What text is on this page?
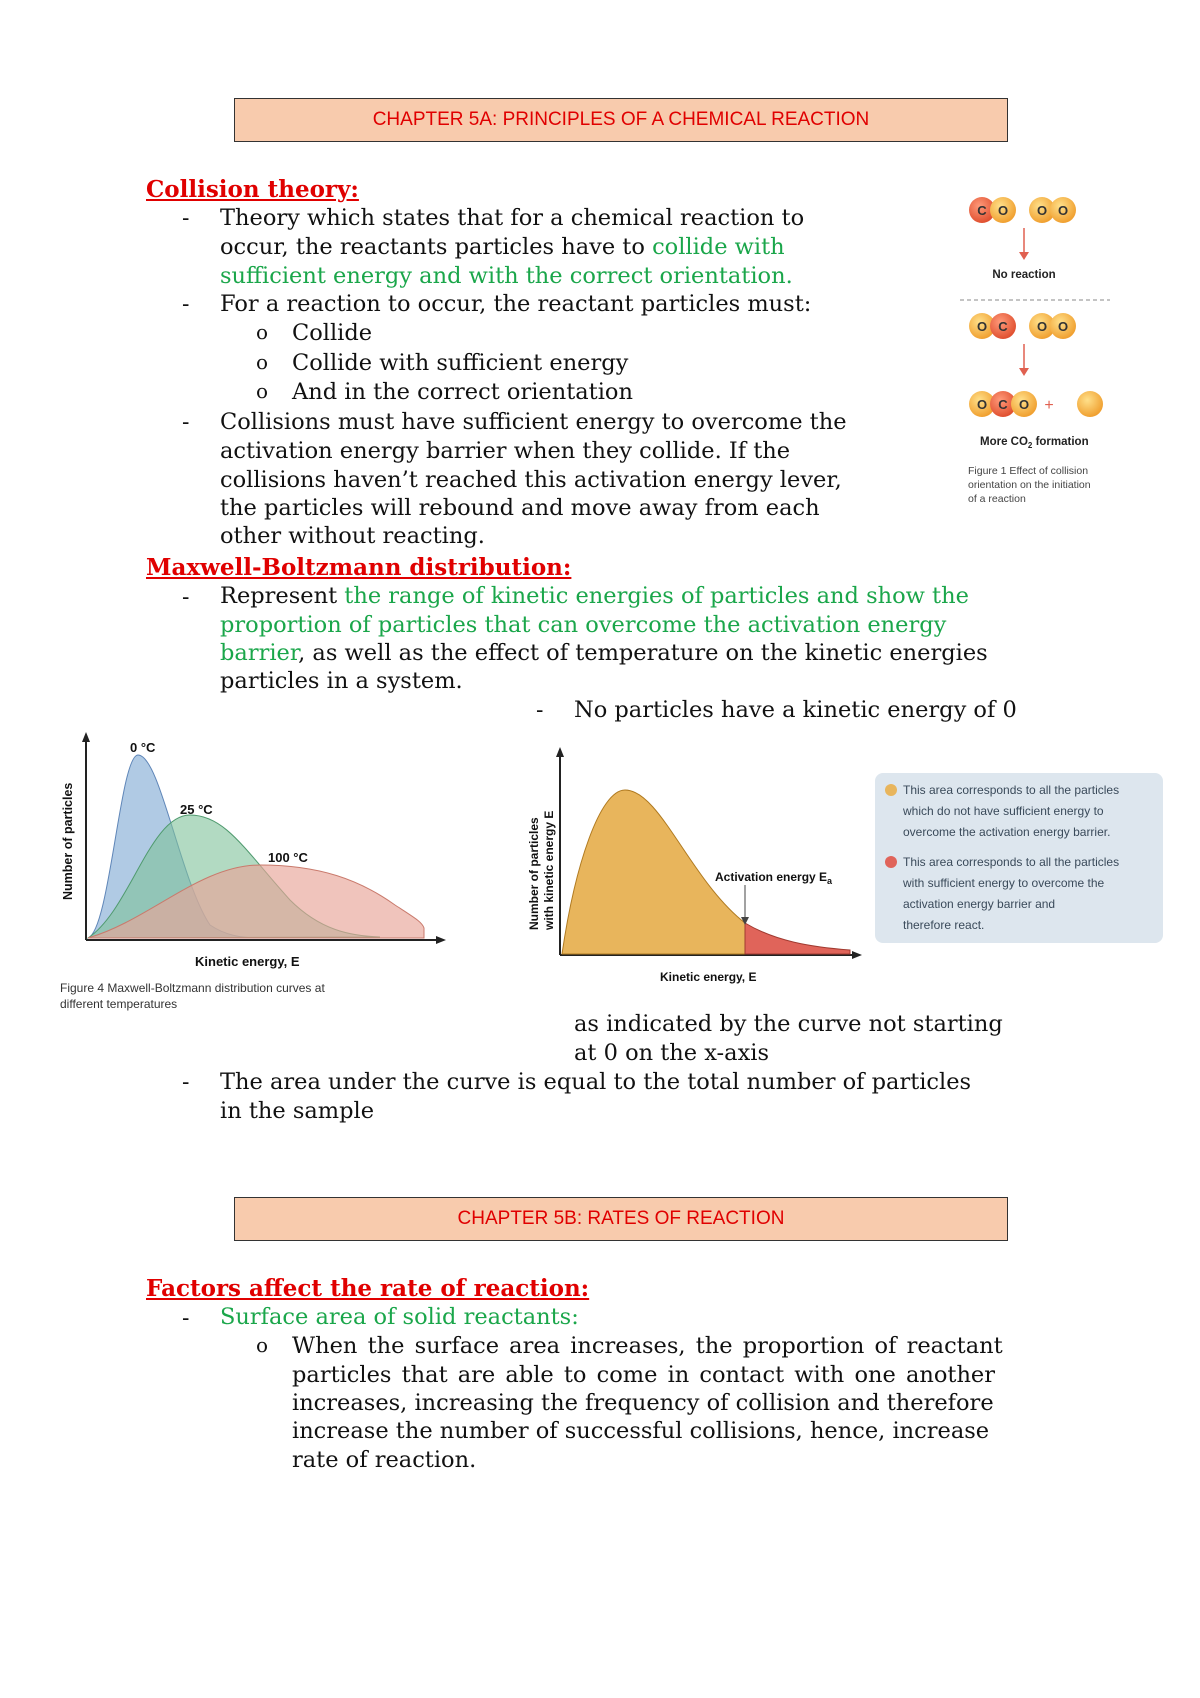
CHAPTER 5A: PRINCIPLES OF A CHEMICAL REACTION
Collision theory:
- Theory which states that for a chemical reaction to
occur, the reactants particles have to collide with
sufficient energy and with the correct orientation.
- For a reaction to occur, the reactant particles must:
o Collide
o Collide with sufficient energy
o And in the correct orientation
- Collisions must have sufficient energy to overcome the
activation energy barrier when they collide. If the
collisions haven’t reached this activation energy lever,
the particles will rebound and move away from each
other without reacting.
C O O O
No reaction
O C O O
O C O +
More $CO_2$ formation
Figure 1 Effect of collision
orientation on the initiation
of a reaction
Maxwell-Boltzmann distribution:
- Represent the range of kinetic energies of particles and show the
proportion of particles that can overcome the activation energy
barrier, as well as the effect of temperature on the kinetic energies
particles in a system.
- No particles have a kinetic energy of 0
0 °C
25 °C
100 °C
Number of particles
Kinetic energy, E
Figure 4 Maxwell-Boltzmann distribution curves at
different temperatures
Activation energy $E_a$
Number of particles with kinetic energy E
Kinetic energy, E
This area corresponds to all the particles
which do not have sufficient energy to
overcome the activation energy barrier.
This area corresponds to all the particles
with sufficient energy to overcome the
activation energy barrier and
therefore react.
as indicated by the curve not starting
at 0 on the x-axis
- The area under the curve is equal to the total number of particles
in the sample
CHAPTER 5B: RATES OF REACTION
Factors affect the rate of reaction:
- Surface area of solid reactants:
o When the surface area increases, the proportion of reactant
particles that are able to come in contact with one another
increases, increasing the frequency of collision and therefore
increase the number of successful collisions, hence, increase
rate of reaction.
